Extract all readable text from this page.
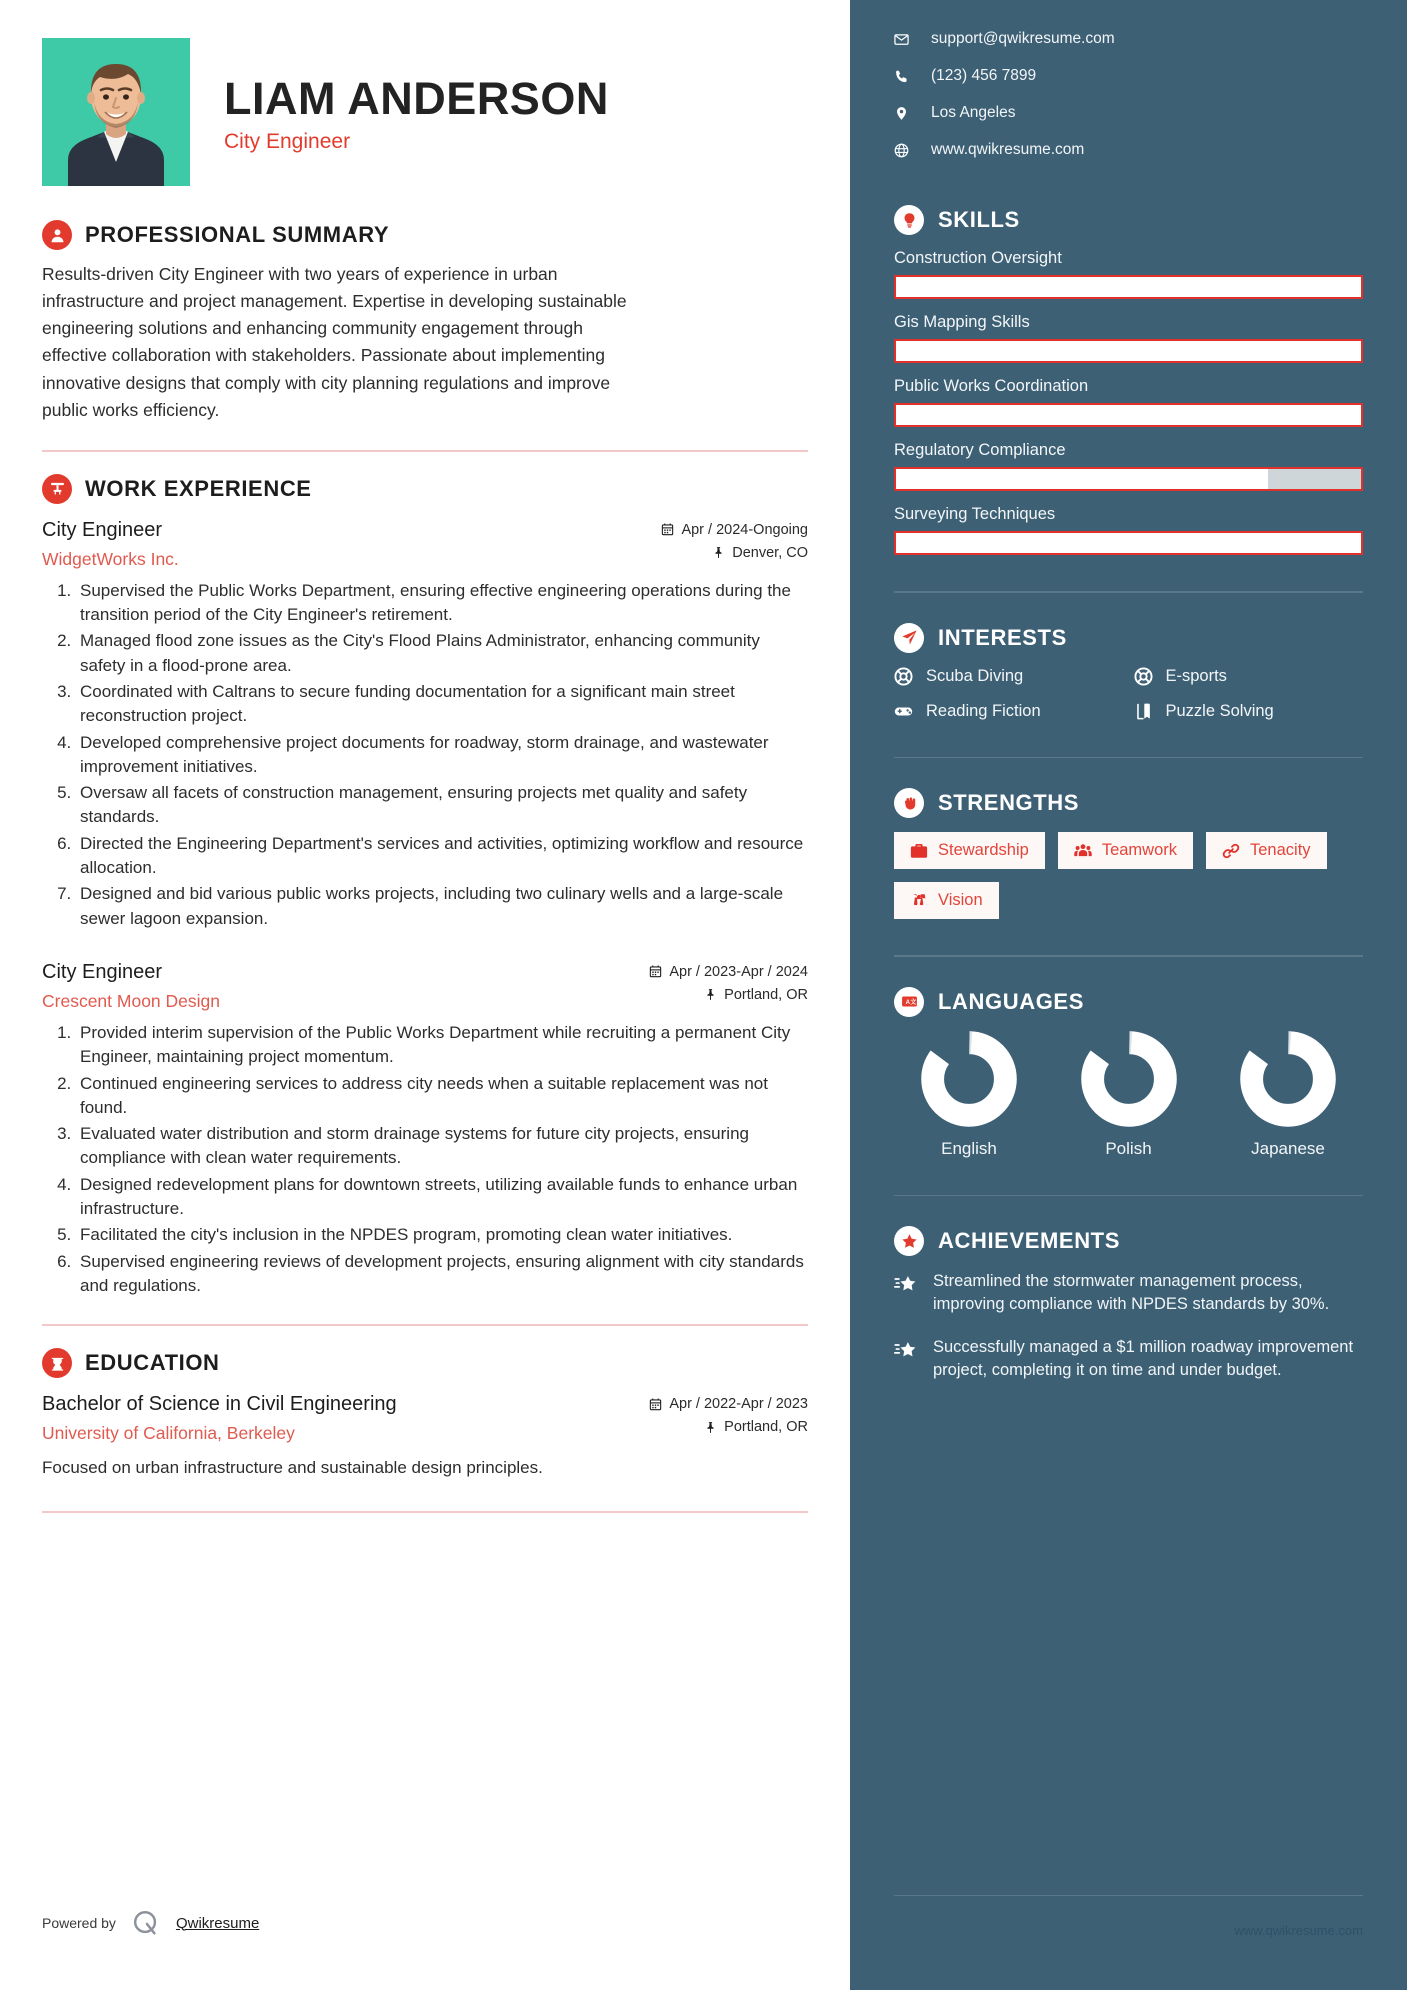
LIAM ANDERSON
City Engineer
PROFESSIONAL SUMMARY
Results-driven City Engineer with two years of experience in urban infrastructure and project management. Expertise in developing sustainable engineering solutions and enhancing community engagement through effective collaboration with stakeholders. Passionate about implementing innovative designs that comply with city planning regulations and improve public works efficiency.
WORK EXPERIENCE
City Engineer
WidgetWorks Inc.
Apr / 2024-Ongoing
Denver, CO
1. Supervised the Public Works Department, ensuring effective engineering operations during the transition period of the City Engineer's retirement.
2. Managed flood zone issues as the City's Flood Plains Administrator, enhancing community safety in a flood-prone area.
3. Coordinated with Caltrans to secure funding documentation for a significant main street reconstruction project.
4. Developed comprehensive project documents for roadway, storm drainage, and wastewater improvement initiatives.
5. Oversaw all facets of construction management, ensuring projects met quality and safety standards.
6. Directed the Engineering Department's services and activities, optimizing workflow and resource allocation.
7. Designed and bid various public works projects, including two culinary wells and a large-scale sewer lagoon expansion.
City Engineer
Crescent Moon Design
Apr / 2023-Apr / 2024
Portland, OR
1. Provided interim supervision of the Public Works Department while recruiting a permanent City Engineer, maintaining project momentum.
2. Continued engineering services to address city needs when a suitable replacement was not found.
3. Evaluated water distribution and storm drainage systems for future city projects, ensuring compliance with clean water requirements.
4. Designed redevelopment plans for downtown streets, utilizing available funds to enhance urban infrastructure.
5. Facilitated the city's inclusion in the NPDES program, promoting clean water initiatives.
6. Supervised engineering reviews of development projects, ensuring alignment with city standards and regulations.
EDUCATION
Bachelor of Science in Civil Engineering
University of California, Berkeley
Apr / 2022-Apr / 2023
Portland, OR
Focused on urban infrastructure and sustainable design principles.
Powered by	Qwikresume
support@qwikresume.com
(123) 456 7899
Los Angeles
www.qwikresume.com
SKILLS
Construction Oversight
Gis Mapping Skills
Public Works Coordination
Regulatory Compliance
Surveying Techniques
INTERESTS
Scuba Diving	E-sports
Reading Fiction	Puzzle Solving
STRENGTHS
Stewardship	Teamwork	Tenacity
Vision
A 文 LANGUAGES
English	Polish	Japanese
ACHIEVEMENTS
Streamlined the stormwater management process, improving compliance with NPDES standards by 30%.
Successfully managed a $1 million roadway improvement project, completing it on time and under budget.
www.qwikresume.com
